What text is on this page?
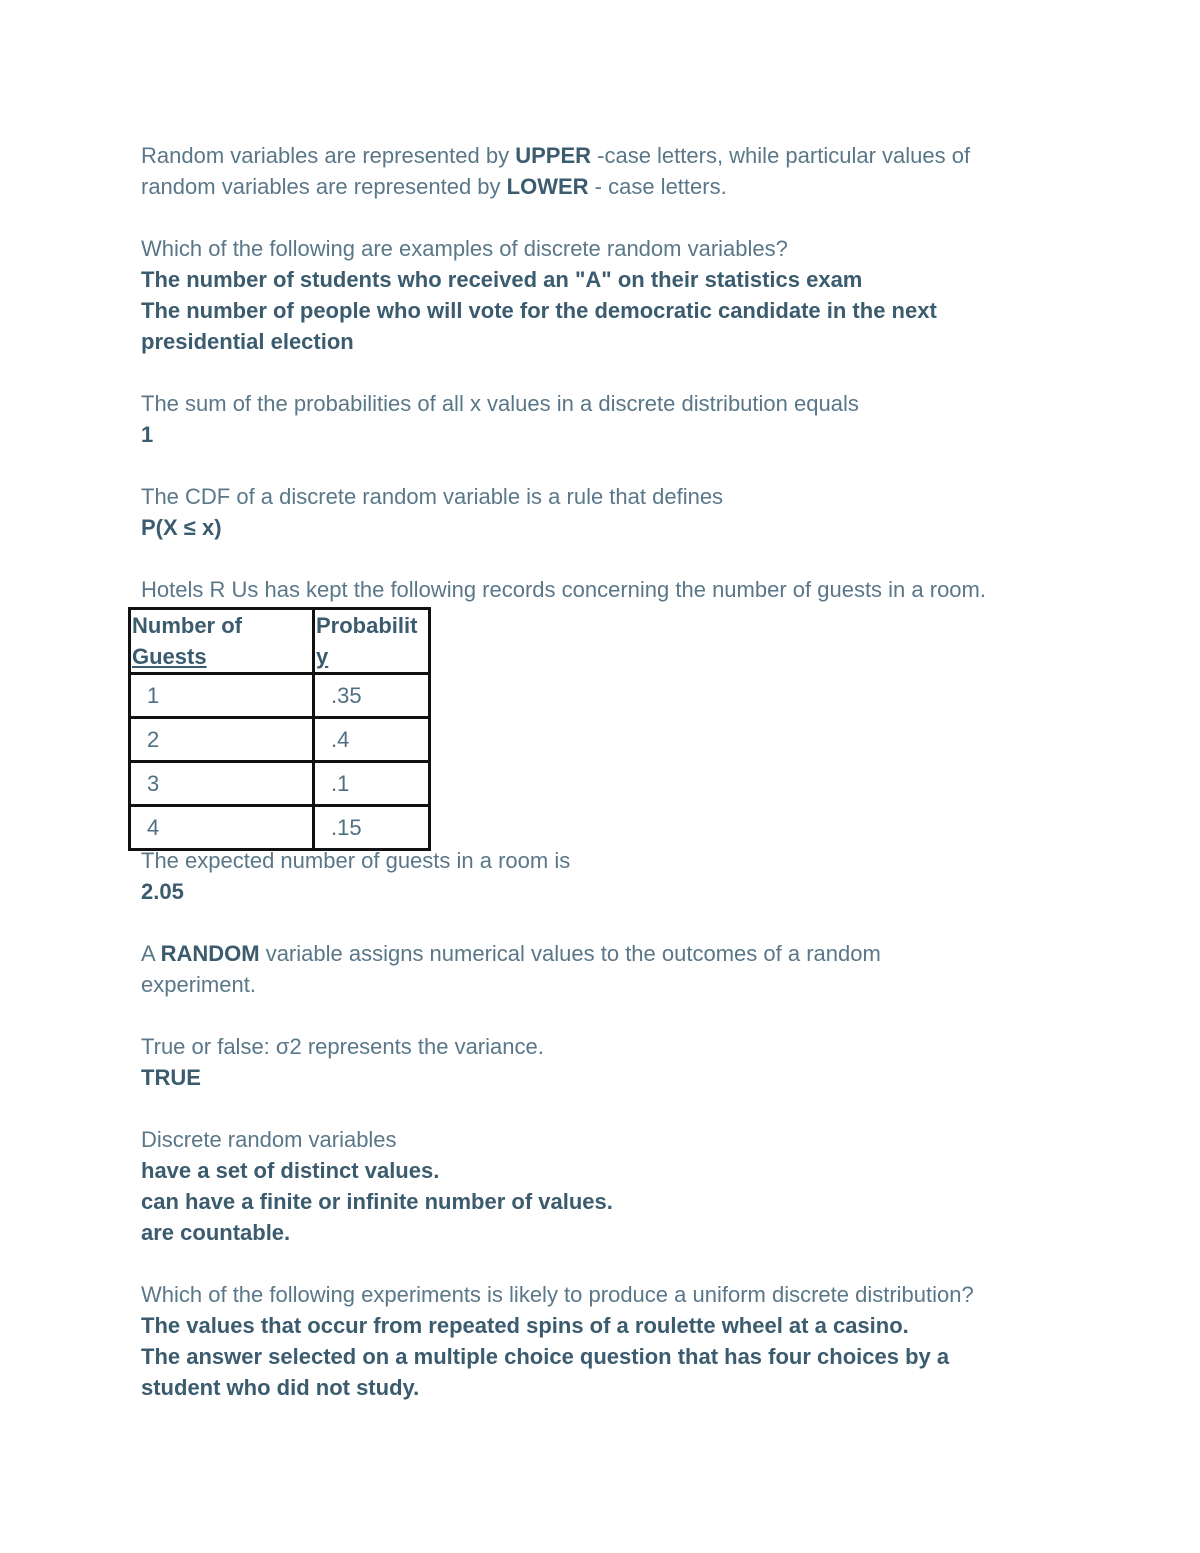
Random variables are represented by UPPER -case letters, while particular values of

random variables are represented by LOWER - case letters.

Which of the following are examples of discrete random variables?

The number of students who received an "A" on their statistics exam

The number of people who will vote for the democratic candidate in the next

presidential election

The sum of the probabilities of all x values in a discrete distribution equals

1

The CDF of a discrete random variable is a rule that defines

P(X ≤ x)

Hotels R Us has kept the following records concerning the number of guests in a room.

Number of
Guests	Probabilit
y
1	.35
2	.4
3	.1
4	.15

The expected number of guests in a room is

2.05

A RANDOM variable assigns numerical values to the outcomes of a random

experiment.

True or false: σ2 represents the variance.

TRUE

Discrete random variables

have a set of distinct values.

can have a finite or infinite number of values.

are countable.

Which of the following experiments is likely to produce a uniform discrete distribution?

The values that occur from repeated spins of a roulette wheel at a casino.

The answer selected on a multiple choice question that has four choices by a

student who did not study.
